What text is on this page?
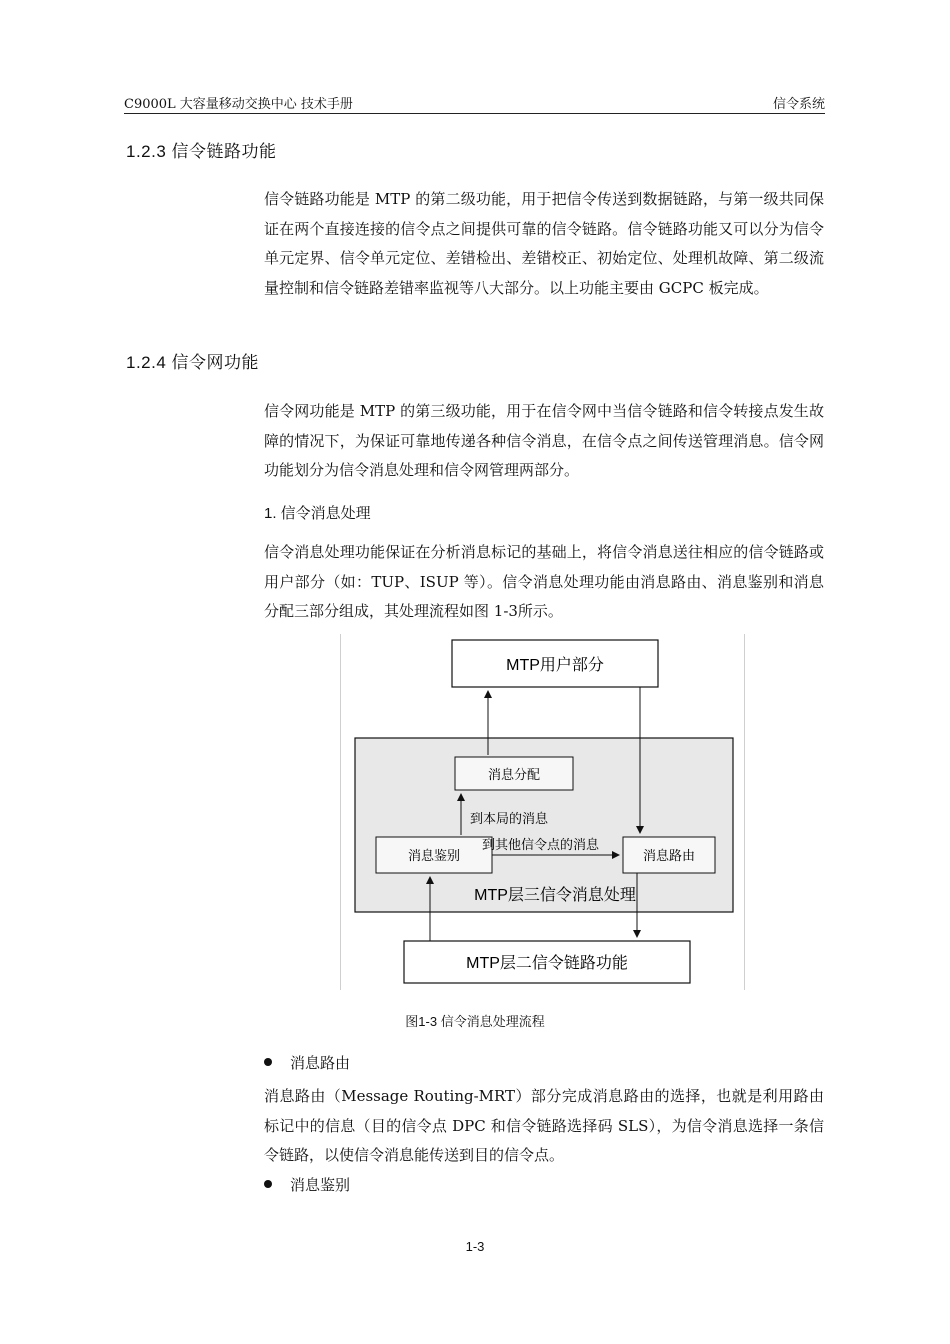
C9000L 大容量移动交换中心 技术手册	信令系统
1.2.3 信令链路功能

信令链路功能是 MTP 的第二级功能，用于把信令传送到数据链路，与第一级共同保证在两个直接连接的信令点之间提供可靠的信令链路。信令链路功能又可以分为信令单元定界、信令单元定位、差错检出、差错校正、初始定位、处理机故障、第二级流量控制和信令链路差错率监视等八大部分。以上功能主要由 GCPC 板完成。

1.2.4 信令网功能

信令网功能是 MTP 的第三级功能，用于在信令网中当信令链路和信令转接点发生故障的情况下，为保证可靠地传递各种信令消息，在信令点之间传送管理消息。信令网功能划分为信令消息处理和信令网管理两部分。

1. 信令消息处理

信令消息处理功能保证在分析消息标记的基础上，将信令消息送往相应的信令链路或用户部分（如：TUP、ISUP 等）。信令消息处理功能由消息路由、消息鉴别和消息分配三部分组成，其处理流程如图 1-3所示。

MTP用户部分
消息分配
消息鉴别	消息路由
到本局的消息
到其他信令点的消息
MTP层三信令消息处理
MTP层二信令链路功能
图1-3 信令消息处理流程
消息路由

消息路由（Message Routing-MRT）部分完成消息路由的选择，也就是利用路由标记中的信息（目的信令点 DPC 和信令链路选择码 SLS），为信令消息选择一条信令链路，以使信令消息能传送到目的信令点。

消息鉴别
1-3
